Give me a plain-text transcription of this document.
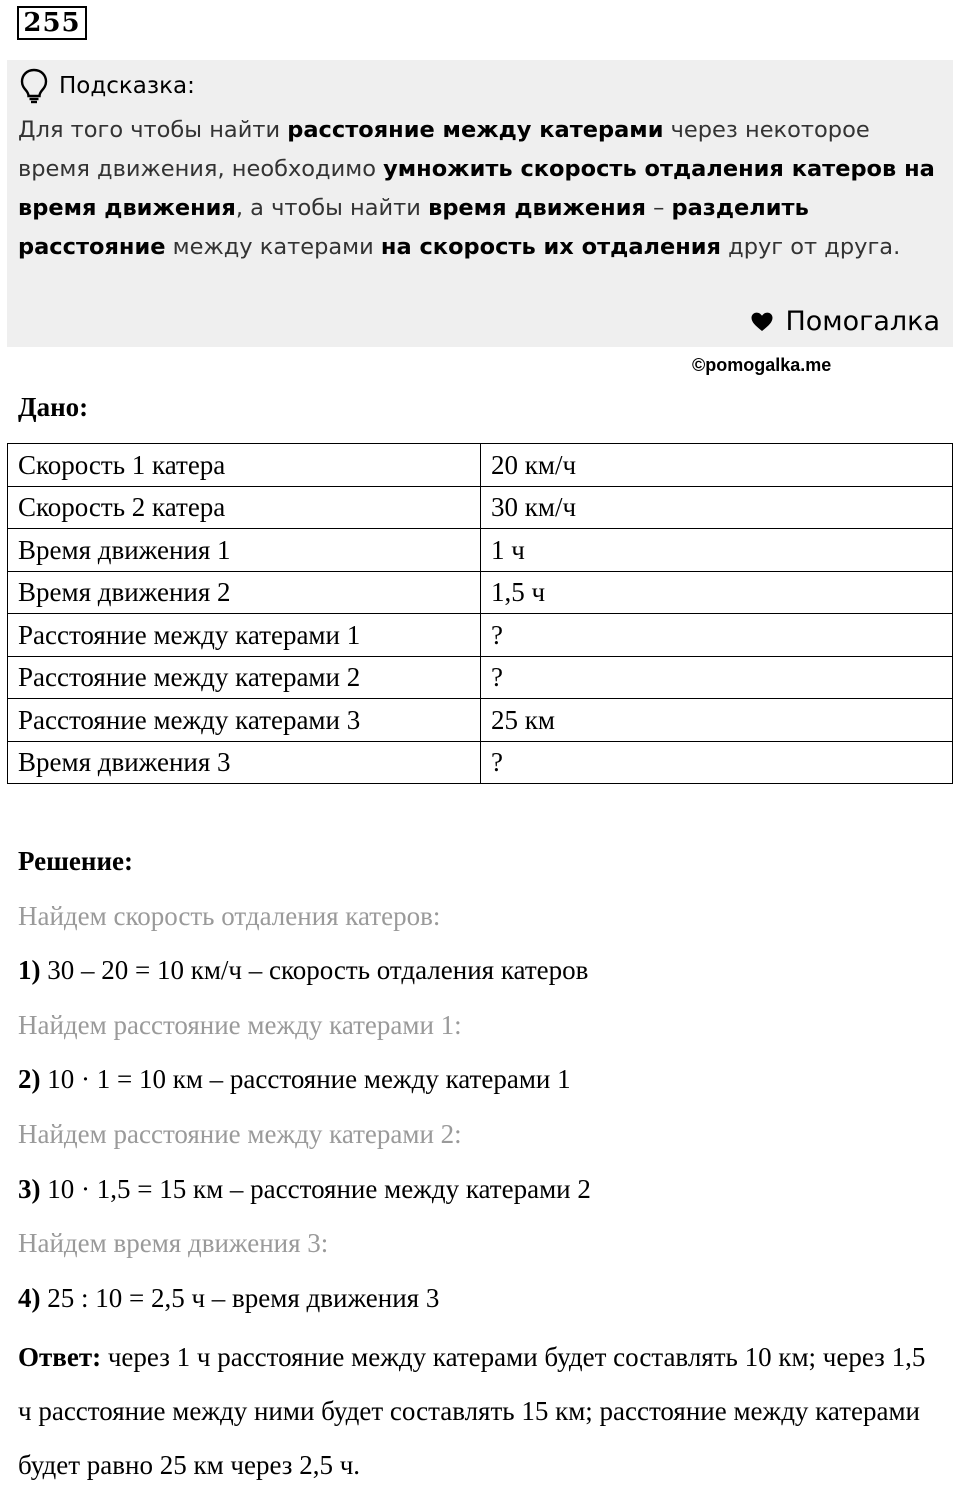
255
Подсказка:
Для того чтобы найти расстояние между катерами через некоторое время движения, необходимо умножить скорость отдаления катеров на время движения, а чтобы найти время движения – разделить расстояние между катерами на скорость их отдаления друг от друга.
Помогалка
©pomogalka.me
Дано:
Скорость 1 катера	20 км/ч
Скорость 2 катера	30 км/ч
Время движения 1	1 ч
Время движения 2	1,5 ч
Расстояние между катерами 1	?
Расстояние между катерами 2	?
Расстояние между катерами 3	25 км
Время движения 3	?
Решение:
Найдем скорость отдаления катеров:
1) 30 – 20 = 10 км/ч – скорость отдаления катеров
Найдем расстояние между катерами 1:
2) 10 · 1 = 10 км – расстояние между катерами 1
Найдем расстояние между катерами 2:
3) 10 · 1,5 = 15 км – расстояние между катерами 2
Найдем время движения 3:
4) 25 : 10 = 2,5 ч – время движения 3
Ответ: через 1 ч расстояние между катерами будет составлять 10 км; через 1,5 ч расстояние между ними будет составлять 15 км; расстояние между катерами будет равно 25 км через 2,5 ч.
